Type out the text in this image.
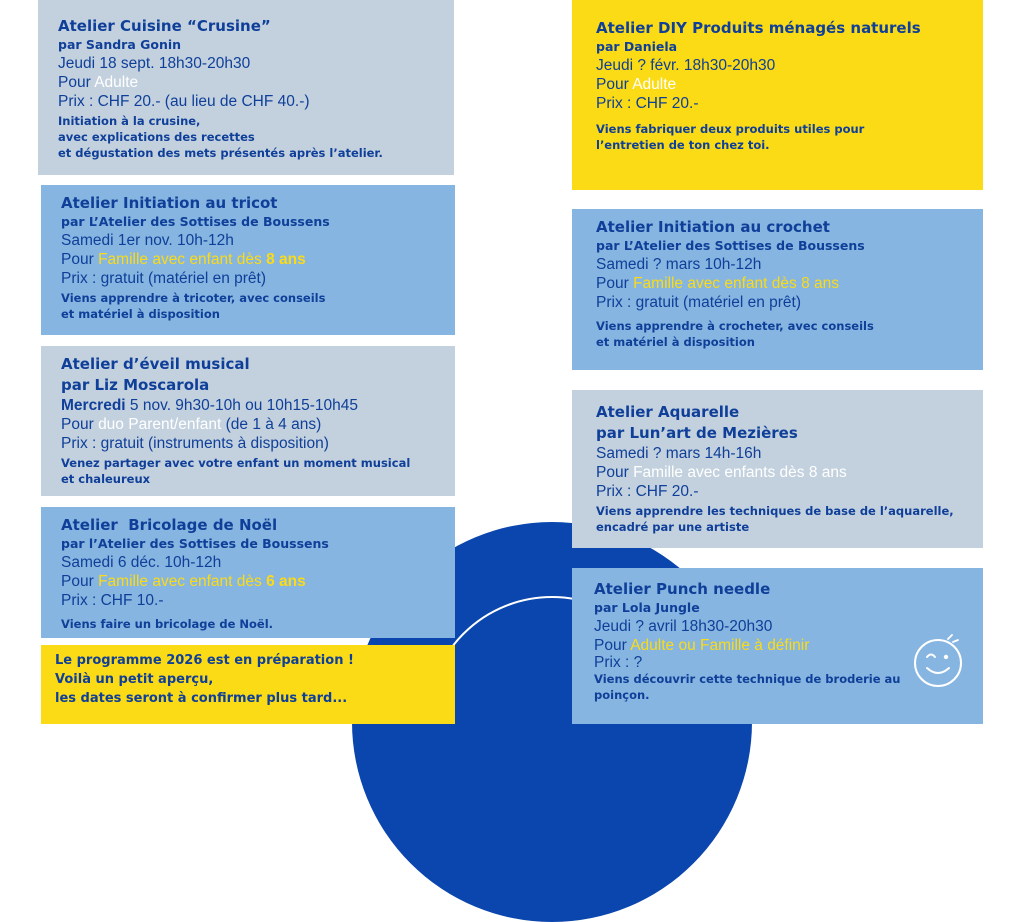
Atelier Cuisine “Crusine”
par Sandra Gonin
Jeudi 18 sept. 18h30-20h30
Pour Adulte
Prix : CHF 20.- (au lieu de CHF 40.-)
Initiation à la crusine,
avec explications des recettes
et dégustation des mets présentés après l’atelier.
Atelier Initiation au tricot
par L’Atelier des Sottises de Boussens
Samedi 1er nov. 10h-12h
Pour Famille avec enfant dès 8 ans
Prix : gratuit (matériel en prêt)
Viens apprendre à tricoter, avec conseils
et matériel à disposition
Atelier d’éveil musical
par Liz Moscarola
Mercredi 5 nov. 9h30-10h ou 10h15-10h45
Pour duo Parent/enfant (de 1 à 4 ans)
Prix : gratuit (instruments à disposition)
Venez partager avec votre enfant un moment musical
et chaleureux
Atelier  Bricolage de Noël
par l’Atelier des Sottises de Boussens
Samedi 6 déc. 10h-12h
Pour Famille avec enfant dès 6 ans
Prix : CHF 10.-
Viens faire un bricolage de Noël.
Le programme 2026 est en préparation !
Voilà un petit aperçu,
les dates seront à confirmer plus tard...
Atelier DIY Produits ménagés naturels
par Daniela
Jeudi ? févr. 18h30-20h30
Pour Adulte
Prix : CHF 20.-
Viens fabriquer deux produits utiles pour
l’entretien de ton chez toi.
Atelier Initiation au crochet
par L’Atelier des Sottises de Boussens
Samedi ? mars 10h-12h
Pour Famille avec enfant dès 8 ans
Prix : gratuit (matériel en prêt)
Viens apprendre à crocheter, avec conseils
et matériel à disposition
Atelier Aquarelle
par Lun’art de Mezières
Samedi ? mars 14h-16h
Pour Famille avec enfants dès 8 ans
Prix : CHF 20.-
Viens apprendre les techniques de base de l’aquarelle,
encadré par une artiste
Atelier Punch needle
par Lola Jungle
Jeudi ? avril 18h30-20h30
Pour Adulte ou Famille à définir
Prix : ?
Viens découvrir cette technique de broderie au
poinçon.
